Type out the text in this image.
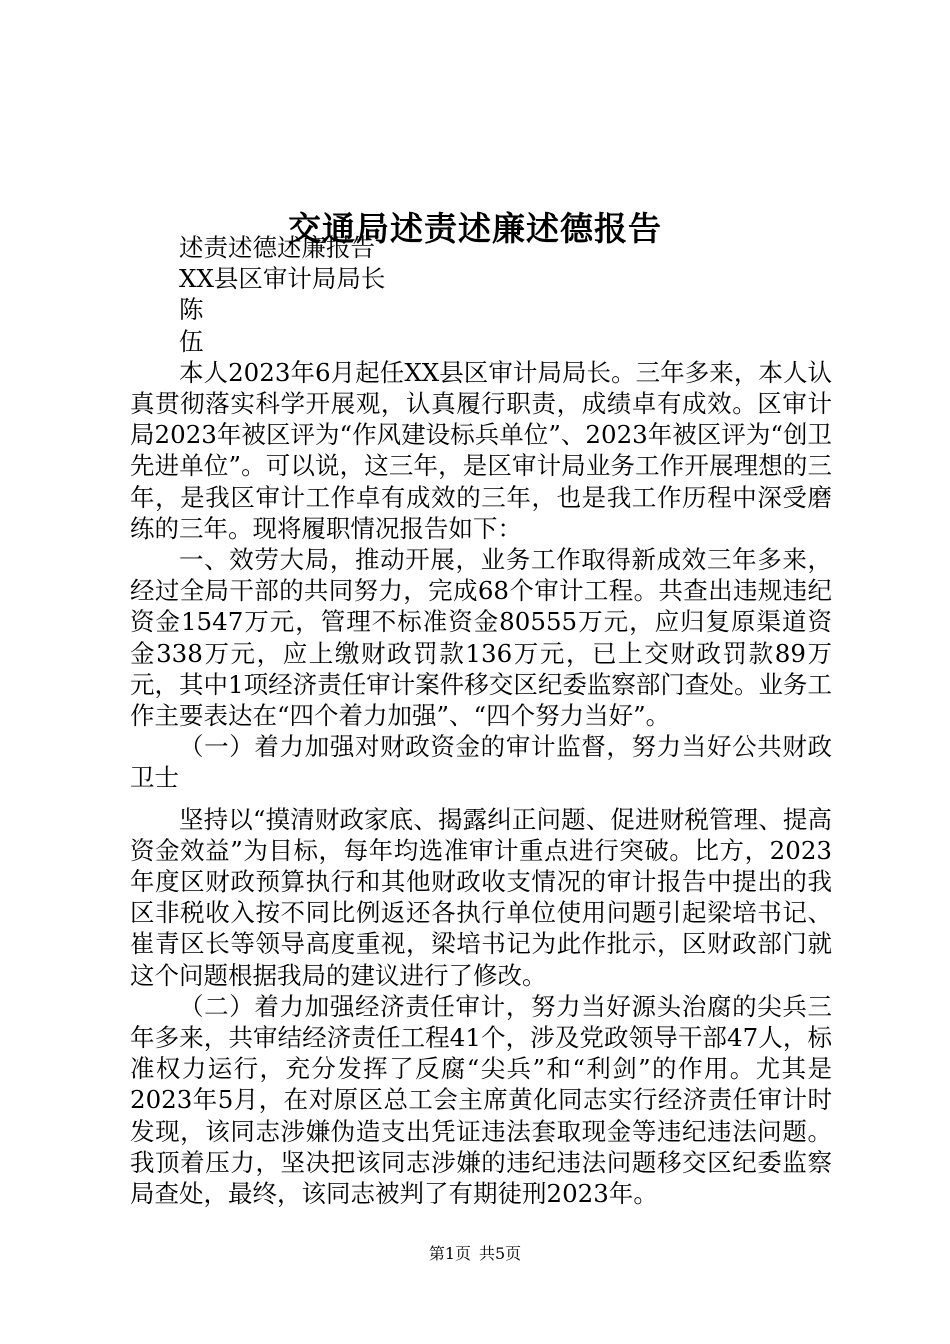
交通局述责述廉述德报告

述责述德述廉报告

XX县区审计局局长

陈

伍

本人2023年6月起任XX县区审计局局长。三年多来，本人认真贯彻落实科学开展观，认真履行职责，成绩卓有成效。区审计局2023年被区评为“作风建设标兵单位”、2023年被区评为“创卫先进单位”。可以说，这三年，是区审计局业务工作开展理想的三年，是我区审计工作卓有成效的三年，也是我工作历程中深受磨练的三年。现将履职情况报告如下：

一、效劳大局，推动开展，业务工作取得新成效三年多来，经过全局干部的共同努力，完成68个审计工程。共查出违规违纪资金1547万元，管理不标准资金80555万元，应归复原渠道资金338万元，应上缴财政罚款136万元，已上交财政罚款89万元，其中1项经济责任审计案件移交区纪委监察部门查处。业务工作主要表达在“四个着力加强”、“四个努力当好”。

（一）着力加强对财政资金的审计监督，努力当好公共财政卫士

坚持以“摸清财政家底、揭露纠正问题、促进财税管理、提高资金效益”为目标，每年均选准审计重点进行突破。比方，2023年度区财政预算执行和其他财政收支情况的审计报告中提出的我区非税收入按不同比例返还各执行单位使用问题引起梁培书记、崔青区长等领导高度重视，梁培书记为此作批示，区财政部门就这个问题根据我局的建议进行了修改。

（二）着力加强经济责任审计，努力当好源头治腐的尖兵三年多来，共审结经济责任工程41个，涉及党政领导干部47人，标准权力运行，充分发挥了反腐“尖兵”和“利剑”的作用。尤其是2023年5月，在对原区总工会主席黄化同志实行经济责任审计时发现，该同志涉嫌伪造支出凭证违法套取现金等违纪违法问题。我顶着压力，坚决把该同志涉嫌的违纪违法问题移交区纪委监察局查处，最终，该同志被判了有期徒刑2023年。

第1页 共5页
